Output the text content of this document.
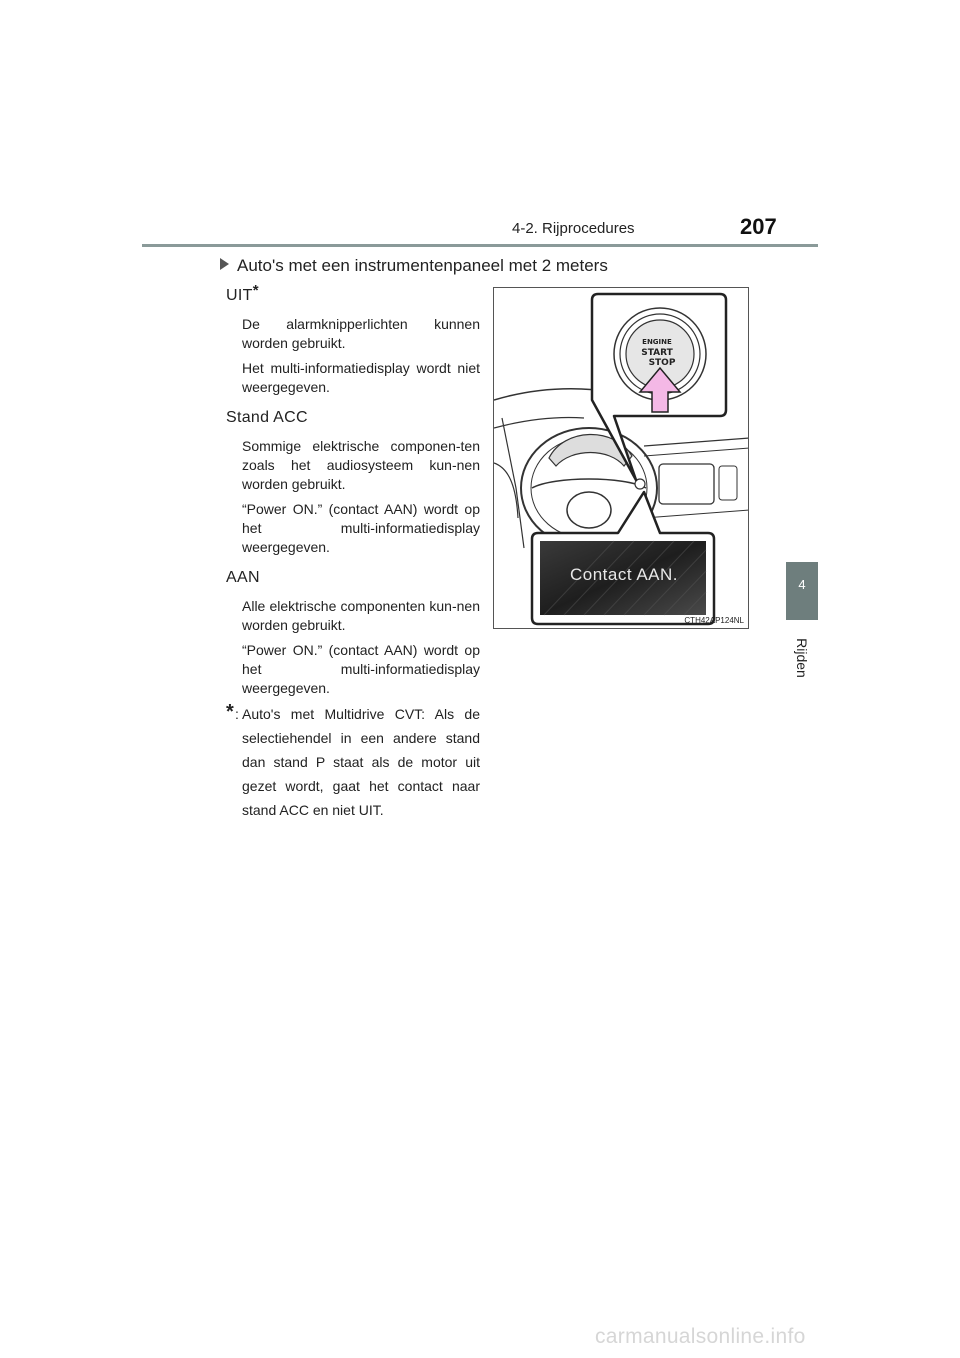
4-2. Rijprocedures	207
4
Rijden
Auto's met een instrumentenpaneel met 2 meters
UIT*

De alarmknipperlichten kunnen worden gebruikt.

Het multi-informatiedisplay wordt niet weergegeven.

Stand ACC

Sommige elektrische componen-ten zoals het audiosysteem kun-nen worden gebruikt.

“Power ON.” (contact AAN) wordt op het multi-informatiedisplay weergegeven.

AAN

Alle elektrische componenten kun-nen worden gebruikt.

“Power ON.” (contact AAN) wordt op het multi-informatiedisplay weergegeven.

* : Auto's met Multidrive CVT: Als de selectiehendel in een andere stand dan stand P staat als de motor uit gezet wordt, gaat het contact naar stand ACC en niet UIT.
ENGINE
START
STOP
Contact AAN.
CTH42AP124NL
carmanualsonline.info
